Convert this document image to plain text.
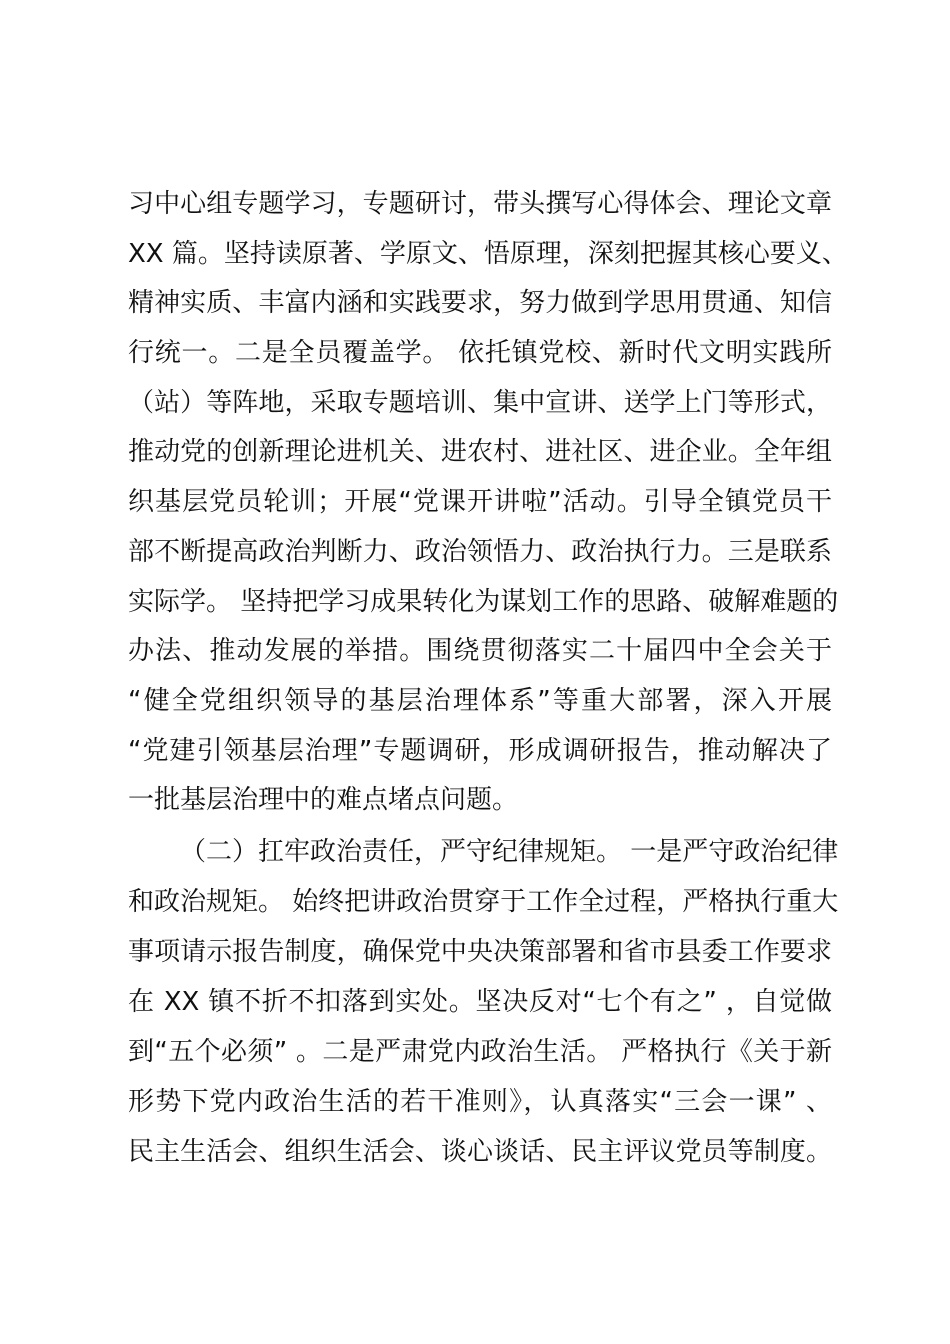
习中心组专题学习，专题研讨，带头撰写心得体会、理论文章
XX 篇。坚持读原著、学原文、悟原理，深刻把握其核心要义、
精神实质、丰富内涵和实践要求，努力做到学思用贯通、知信
行统一。二是全员覆盖学。 依托镇党校、新时代文明实践所
（站）等阵地，采取专题培训、集中宣讲、送学上门等形式，
推动党的创新理论进机关、进农村、进社区、进企业。全年组
织基层党员轮训；开展“党课开讲啦”活动。引导全镇党员干
部不断提高政治判断力、政治领悟力、政治执行力。三是联系
实际学。 坚持把学习成果转化为谋划工作的思路、破解难题的
办法、推动发展的举措。围绕贯彻落实二十届四中全会关于
“健全党组织领导的基层治理体系”等重大部署，深入开展
“党建引领基层治理”专题调研，形成调研报告，推动解决了
一批基层治理中的难点堵点问题。
（二）扛牢政治责任，严守纪律规矩。 一是严守政治纪律
和政治规矩。 始终把讲政治贯穿于工作全过程，严格执行重大
事项请示报告制度，确保党中央决策部署和省市县委工作要求
在 XX 镇不折不扣落到实处。坚决反对“七个有之” ，自觉做
到“五个必须” 。二是严肃党内政治生活。 严格执行《关于新
形势下党内政治生活的若干准则》，认真落实“三会一课” 、
民主生活会、组织生活会、谈心谈话、民主评议党员等制度。
